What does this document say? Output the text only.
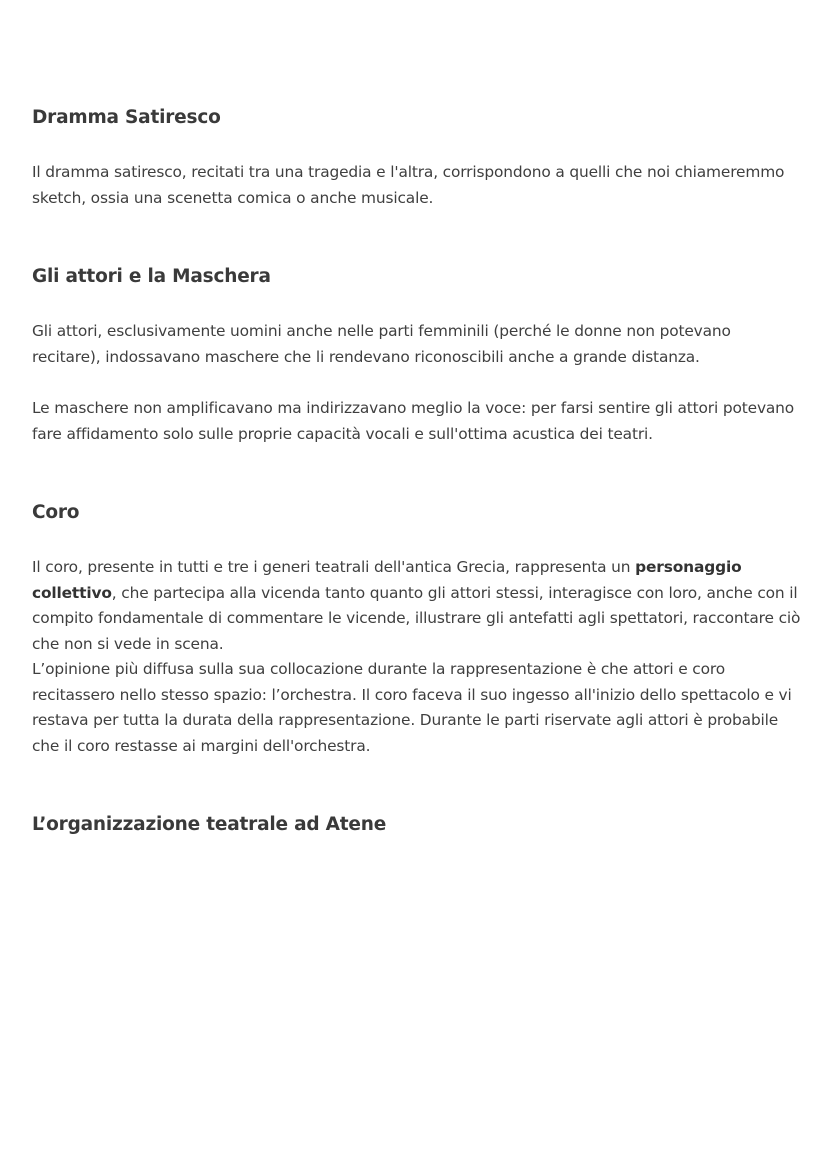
Dramma Satiresco

Il dramma satiresco, recitati tra una tragedia e l'altra, corrispondono a quelli che noi chiameremmo sketch, ossia una scenetta comica o anche musicale.

Gli attori e la Maschera

Gli attori, esclusivamente uomini anche nelle parti femminili (perché le donne non potevano recitare), indossavano maschere che li rendevano riconoscibili anche a grande distanza.

Le maschere non amplificavano ma indirizzavano meglio la voce: per farsi sentire gli attori potevano fare affidamento solo sulle proprie capacità vocali e sull'ottima acustica dei teatri.

Coro

Il coro, presente in tutti e tre i generi teatrali dell'antica Grecia, rappresenta un personaggio collettivo, che partecipa alla vicenda tanto quanto gli attori stessi, interagisce con loro, anche con il compito fondamentale di commentare le vicende, illustrare gli antefatti agli spettatori, raccontare ciò che non si vede in scena.

L’opinione più diffusa sulla sua collocazione durante la rappresentazione è che attori e coro recitassero nello stesso spazio: l’orchestra. Il coro faceva il suo ingesso all'inizio dello spettacolo e vi restava per tutta la durata della rappresentazione. Durante le parti riservate agli attori è probabile che il coro restasse ai margini dell'orchestra.

L’organizzazione teatrale ad Atene
